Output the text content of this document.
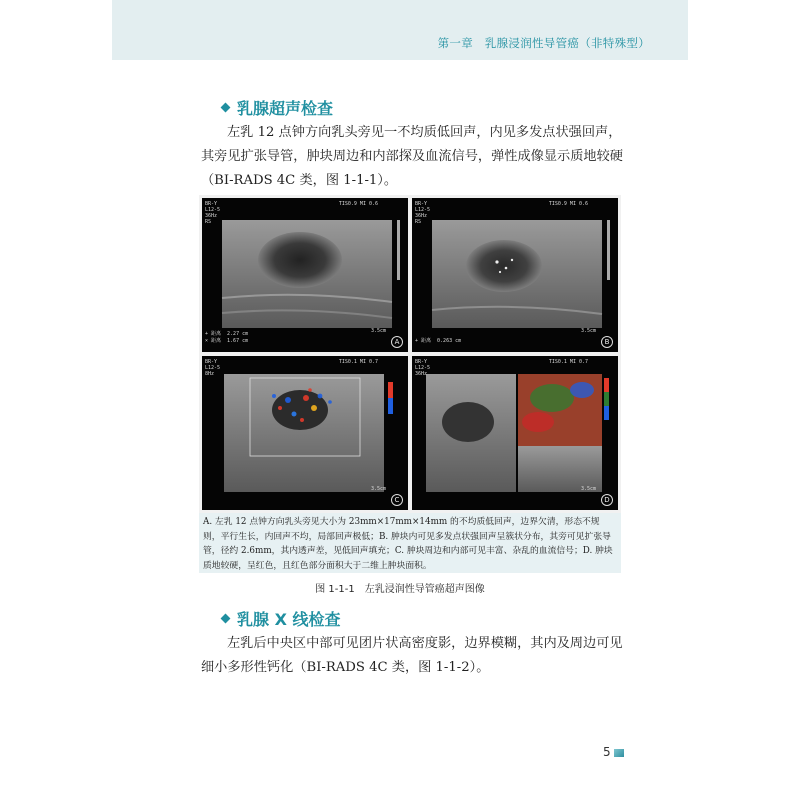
第一章　乳腺浸润性导管癌（非特殊型）
乳腺超声检查

左乳 12 点钟方向乳头旁见一不均质低回声，内见多发点状强回声，其旁见扩张导管，肿块周边和内部探及血流信号，弹性成像显示质地较硬（BI-RADS 4C 类，图 1-1-1）。

BR-Y
L12-5
36Hz
RS
TIS0.9 MI 0.6
+ 距离  2.27 cm
× 距离  1.67 cm
3.5cm
A
BR-Y
L12-5
36Hz
RS
TIS0.9 MI 0.6
+ 距离  0.263 cm
3.5cm
B
BR-Y
L12-5
8Hz
TIS0.1 MI 0.7
3.5cm
C
BR-Y
L12-5
36Hz
TIS0.1 MI 0.7
3.5cm
D
A. 左乳 12 点钟方向乳头旁见大小为 23mm×17mm×14mm 的不均质低回声，边界欠清，形态不规则，平行生长，内回声不均，局部回声极低；B. 肿块内可见多发点状强回声呈簇状分布，其旁可见扩张导管，径约 2.6mm，其内透声差，见低回声填充；C. 肿块周边和内部可见丰富、杂乱的血流信号；D. 肿块质地较硬，呈红色，且红色部分面积大于二维上肿块面积。
图 1-1-1　左乳浸润性导管癌超声图像
乳腺 X 线检查

左乳后中央区中部可见团片状高密度影，边界模糊，其内及周边可见细小多形性钙化（BI-RADS 4C 类，图 1-1-2）。

5
